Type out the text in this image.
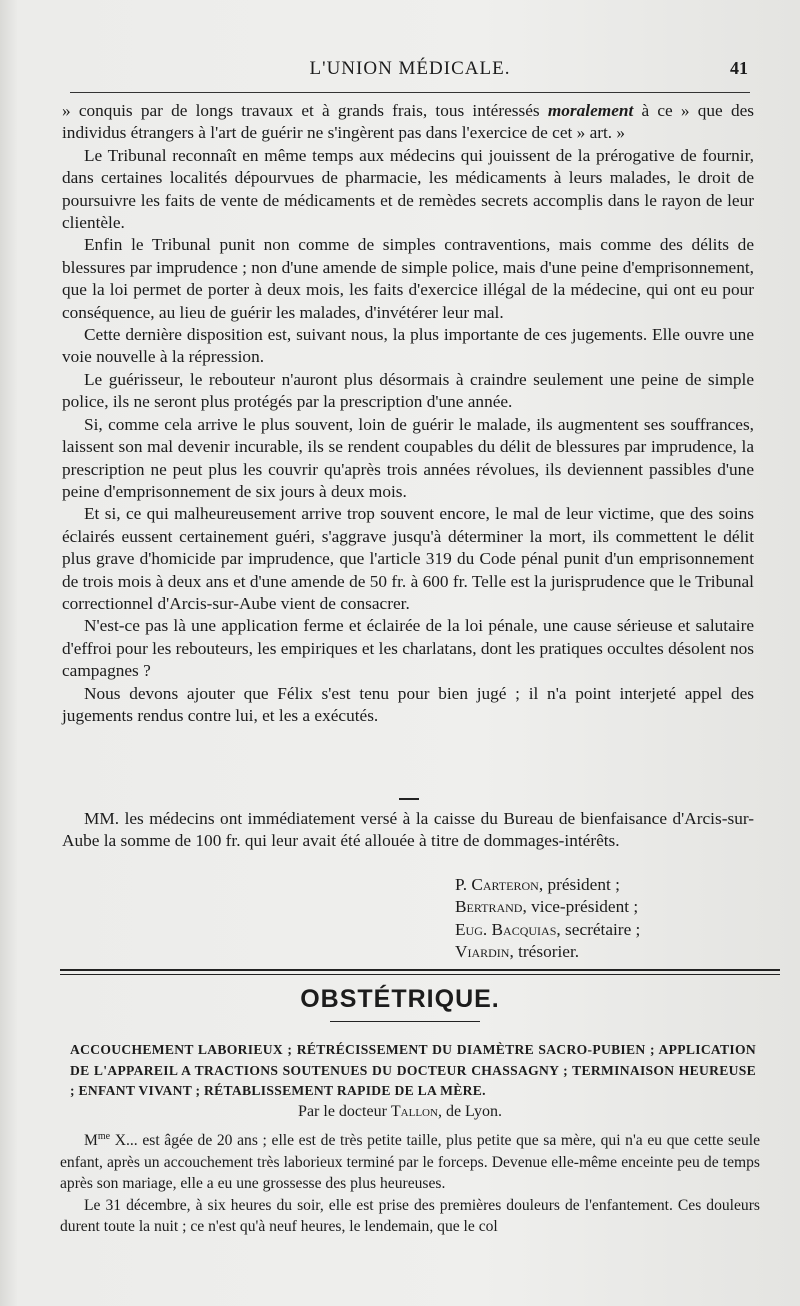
L'UNION MÉDICALE.	41

» conquis par de longs travaux et à grands frais, tous intéressés moralement à ce » que des individus étrangers à l'art de guérir ne s'ingèrent pas dans l'exercice de cet » art. »

Le Tribunal reconnaît en même temps aux médecins qui jouissent de la prérogative de fournir, dans certaines localités dépourvues de pharmacie, les médicaments à leurs malades, le droit de poursuivre les faits de vente de médicaments et de remèdes secrets accomplis dans le rayon de leur clientèle.

Enfin le Tribunal punit non comme de simples contraventions, mais comme des délits de blessures par imprudence ; non d'une amende de simple police, mais d'une peine d'emprisonnement, que la loi permet de porter à deux mois, les faits d'exercice illégal de la médecine, qui ont eu pour conséquence, au lieu de guérir les malades, d'invétérer leur mal.

Cette dernière disposition est, suivant nous, la plus importante de ces jugements. Elle ouvre une voie nouvelle à la répression.

Le guérisseur, le rebouteur n'auront plus désormais à craindre seulement une peine de simple police, ils ne seront plus protégés par la prescription d'une année.

Si, comme cela arrive le plus souvent, loin de guérir le malade, ils augmentent ses souffrances, laissent son mal devenir incurable, ils se rendent coupables du délit de blessures par imprudence, la prescription ne peut plus les couvrir qu'après trois années révolues, ils deviennent passibles d'une peine d'emprisonnement de six jours à deux mois.

Et si, ce qui malheureusement arrive trop souvent encore, le mal de leur victime, que des soins éclairés eussent certainement guéri, s'aggrave jusqu'à déterminer la mort, ils commettent le délit plus grave d'homicide par imprudence, que l'article 319 du Code pénal punit d'un emprisonnement de trois mois à deux ans et d'une amende de 50 fr. à 600 fr. Telle est la jurisprudence que le Tribunal correctionnel d'Arcis-sur-Aube vient de consacrer.

N'est-ce pas là une application ferme et éclairée de la loi pénale, une cause sérieuse et salutaire d'effroi pour les rebouteurs, les empiriques et les charlatans, dont les pratiques occultes désolent nos campagnes ?

Nous devons ajouter que Félix s'est tenu pour bien jugé ; il n'a point interjeté appel des jugements rendus contre lui, et les a exécutés.

MM. les médecins ont immédiatement versé à la caisse du Bureau de bienfaisance d'Arcis-sur-Aube la somme de 100 fr. qui leur avait été allouée à titre de dommages-intérêts.

P. Carteron, président ;
Bertrand, vice-président ;
Eug. Bacquias, secrétaire ;
Viardin, trésorier.
OBSTÉTRIQUE.
ACCOUCHEMENT LABORIEUX ; RÉTRÉCISSEMENT DU DIAMÈTRE SACRO-PUBIEN ; APPLICATION DE L'APPAREIL A TRACTIONS SOUTENUES DU DOCTEUR CHASSAGNY ; TERMINAISON HEUREUSE ; ENFANT VIVANT ; RÉTABLISSEMENT RAPIDE DE LA MÈRE.
Par le docteur Tallon, de Lyon.

$M^{me}$ X... est âgée de 20 ans ; elle est de très petite taille, plus petite que sa mère, qui n'a eu que cette seule enfant, après un accouchement très laborieux terminé par le forceps. Devenue elle-même enceinte peu de temps après son mariage, elle a eu une grossesse des plus heureuses.

Le 31 décembre, à six heures du soir, elle est prise des premières douleurs de l'enfantement. Ces douleurs durent toute la nuit ; ce n'est qu'à neuf heures, le lendemain, que le col
